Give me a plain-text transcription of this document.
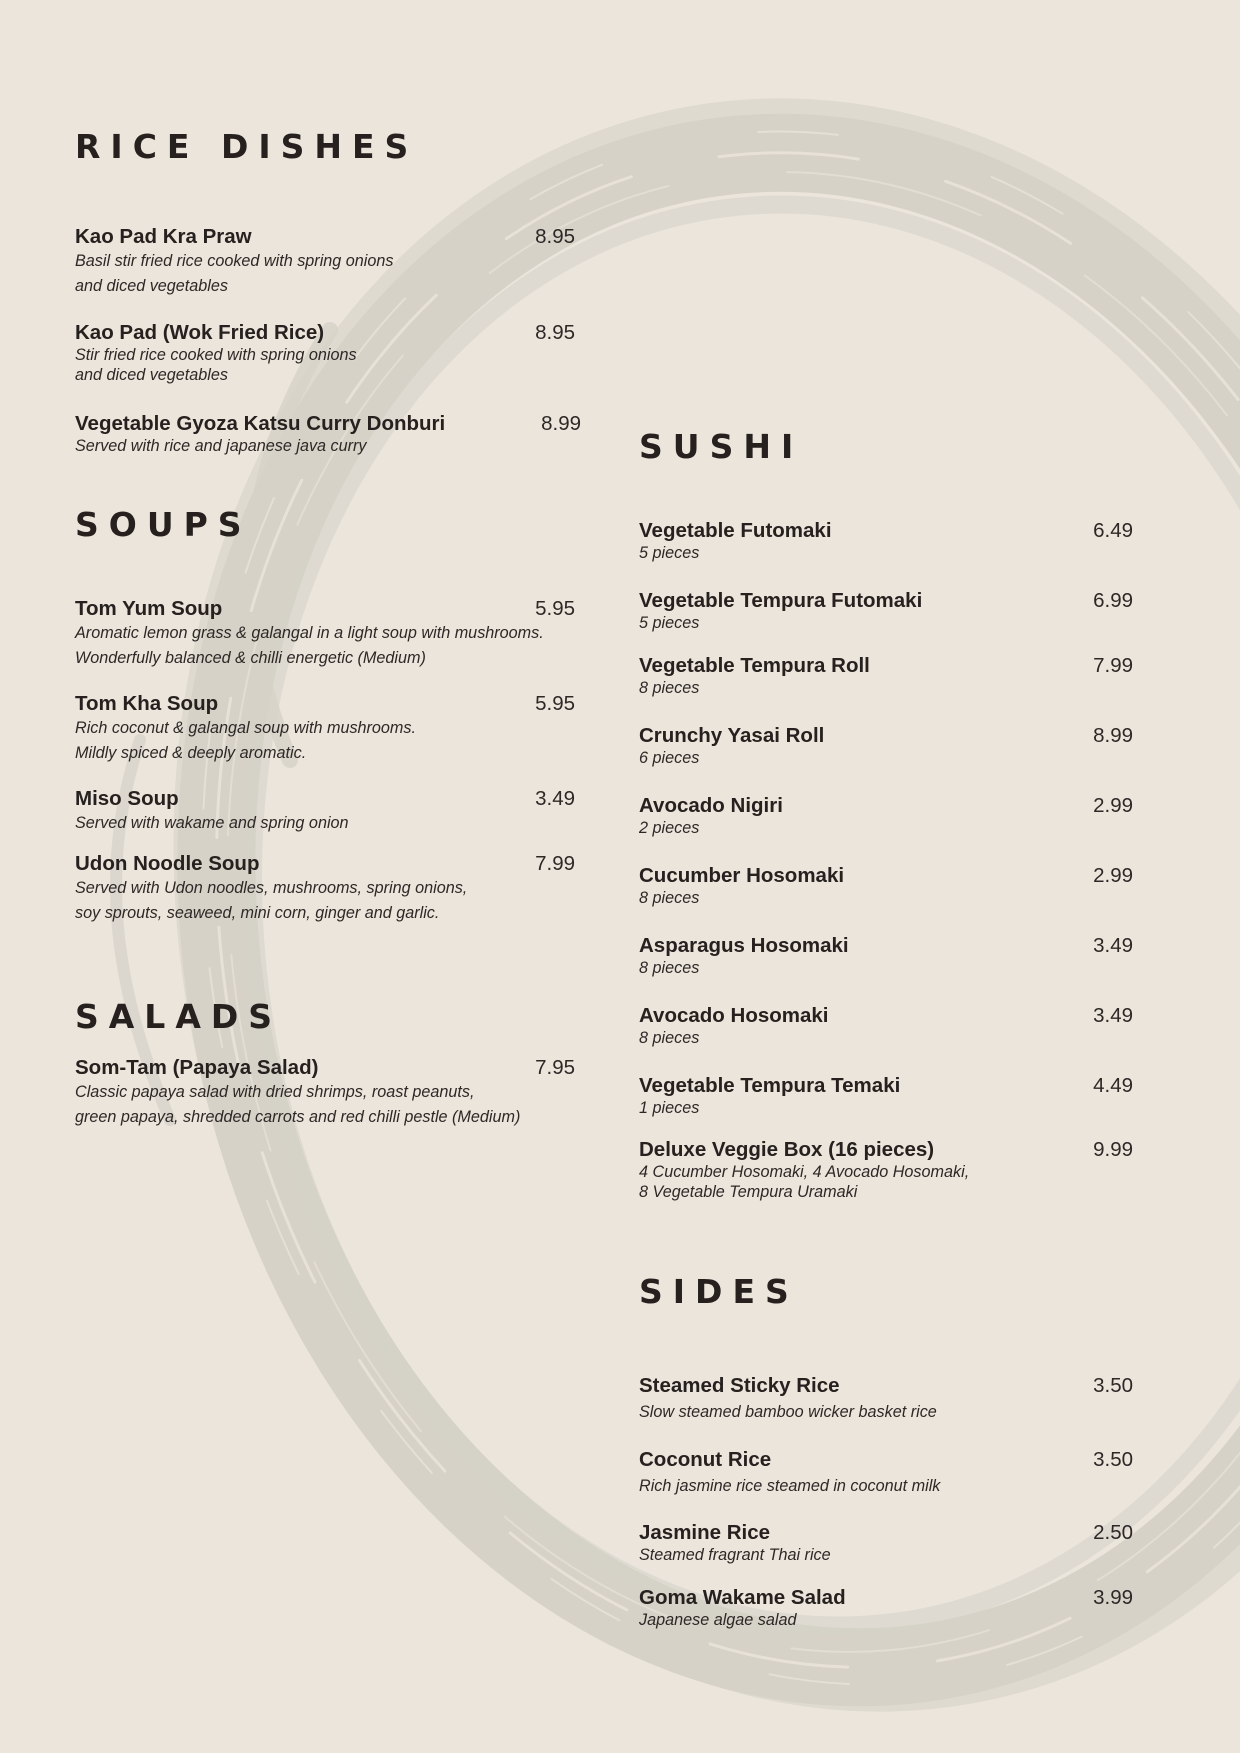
RICE DISHES
Kao Pad Kra Praw	8.95
Basil stir fried rice cooked with spring onions
and diced vegetables
Kao Pad (Wok Fried Rice)	8.95
Stir fried rice cooked with spring onions
and diced vegetables
Vegetable Gyoza Katsu Curry Donburi	8.99
Served with rice and japanese java curry
SOUPS
Tom Yum Soup	5.95
Aromatic lemon grass & galangal in a light soup with mushrooms.
Wonderfully balanced & chilli energetic (Medium)
Tom Kha Soup	5.95
Rich coconut & galangal soup with mushrooms.
Mildly spiced & deeply aromatic.
Miso Soup	3.49
Served with wakame and spring onion
Udon Noodle Soup	7.99
Served with Udon noodles, mushrooms, spring onions,
soy sprouts, seaweed, mini corn, ginger and garlic.
SALADS
Som-Tam (Papaya Salad)	7.95
Classic papaya salad with dried shrimps, roast peanuts,
green papaya, shredded carrots and red chilli pestle (Medium)
SUSHI
Vegetable Futomaki	6.49
5 pieces
Vegetable Tempura Futomaki	6.99
5 pieces
Vegetable Tempura Roll	7.99
8 pieces
Crunchy Yasai Roll	8.99
6 pieces
Avocado Nigiri	2.99
2 pieces
Cucumber Hosomaki	2.99
8 pieces
Asparagus Hosomaki	3.49
8 pieces
Avocado Hosomaki	3.49
8 pieces
Vegetable Tempura Temaki	4.49
1 pieces
Deluxe Veggie Box (16 pieces)	9.99
4 Cucumber Hosomaki, 4 Avocado Hosomaki,
8 Vegetable Tempura Uramaki
SIDES
Steamed Sticky Rice	3.50
Slow steamed bamboo wicker basket rice
Coconut Rice	3.50
Rich jasmine rice steamed in coconut milk
Jasmine Rice	2.50
Steamed fragrant Thai rice
Goma Wakame Salad	3.99
Japanese algae salad
